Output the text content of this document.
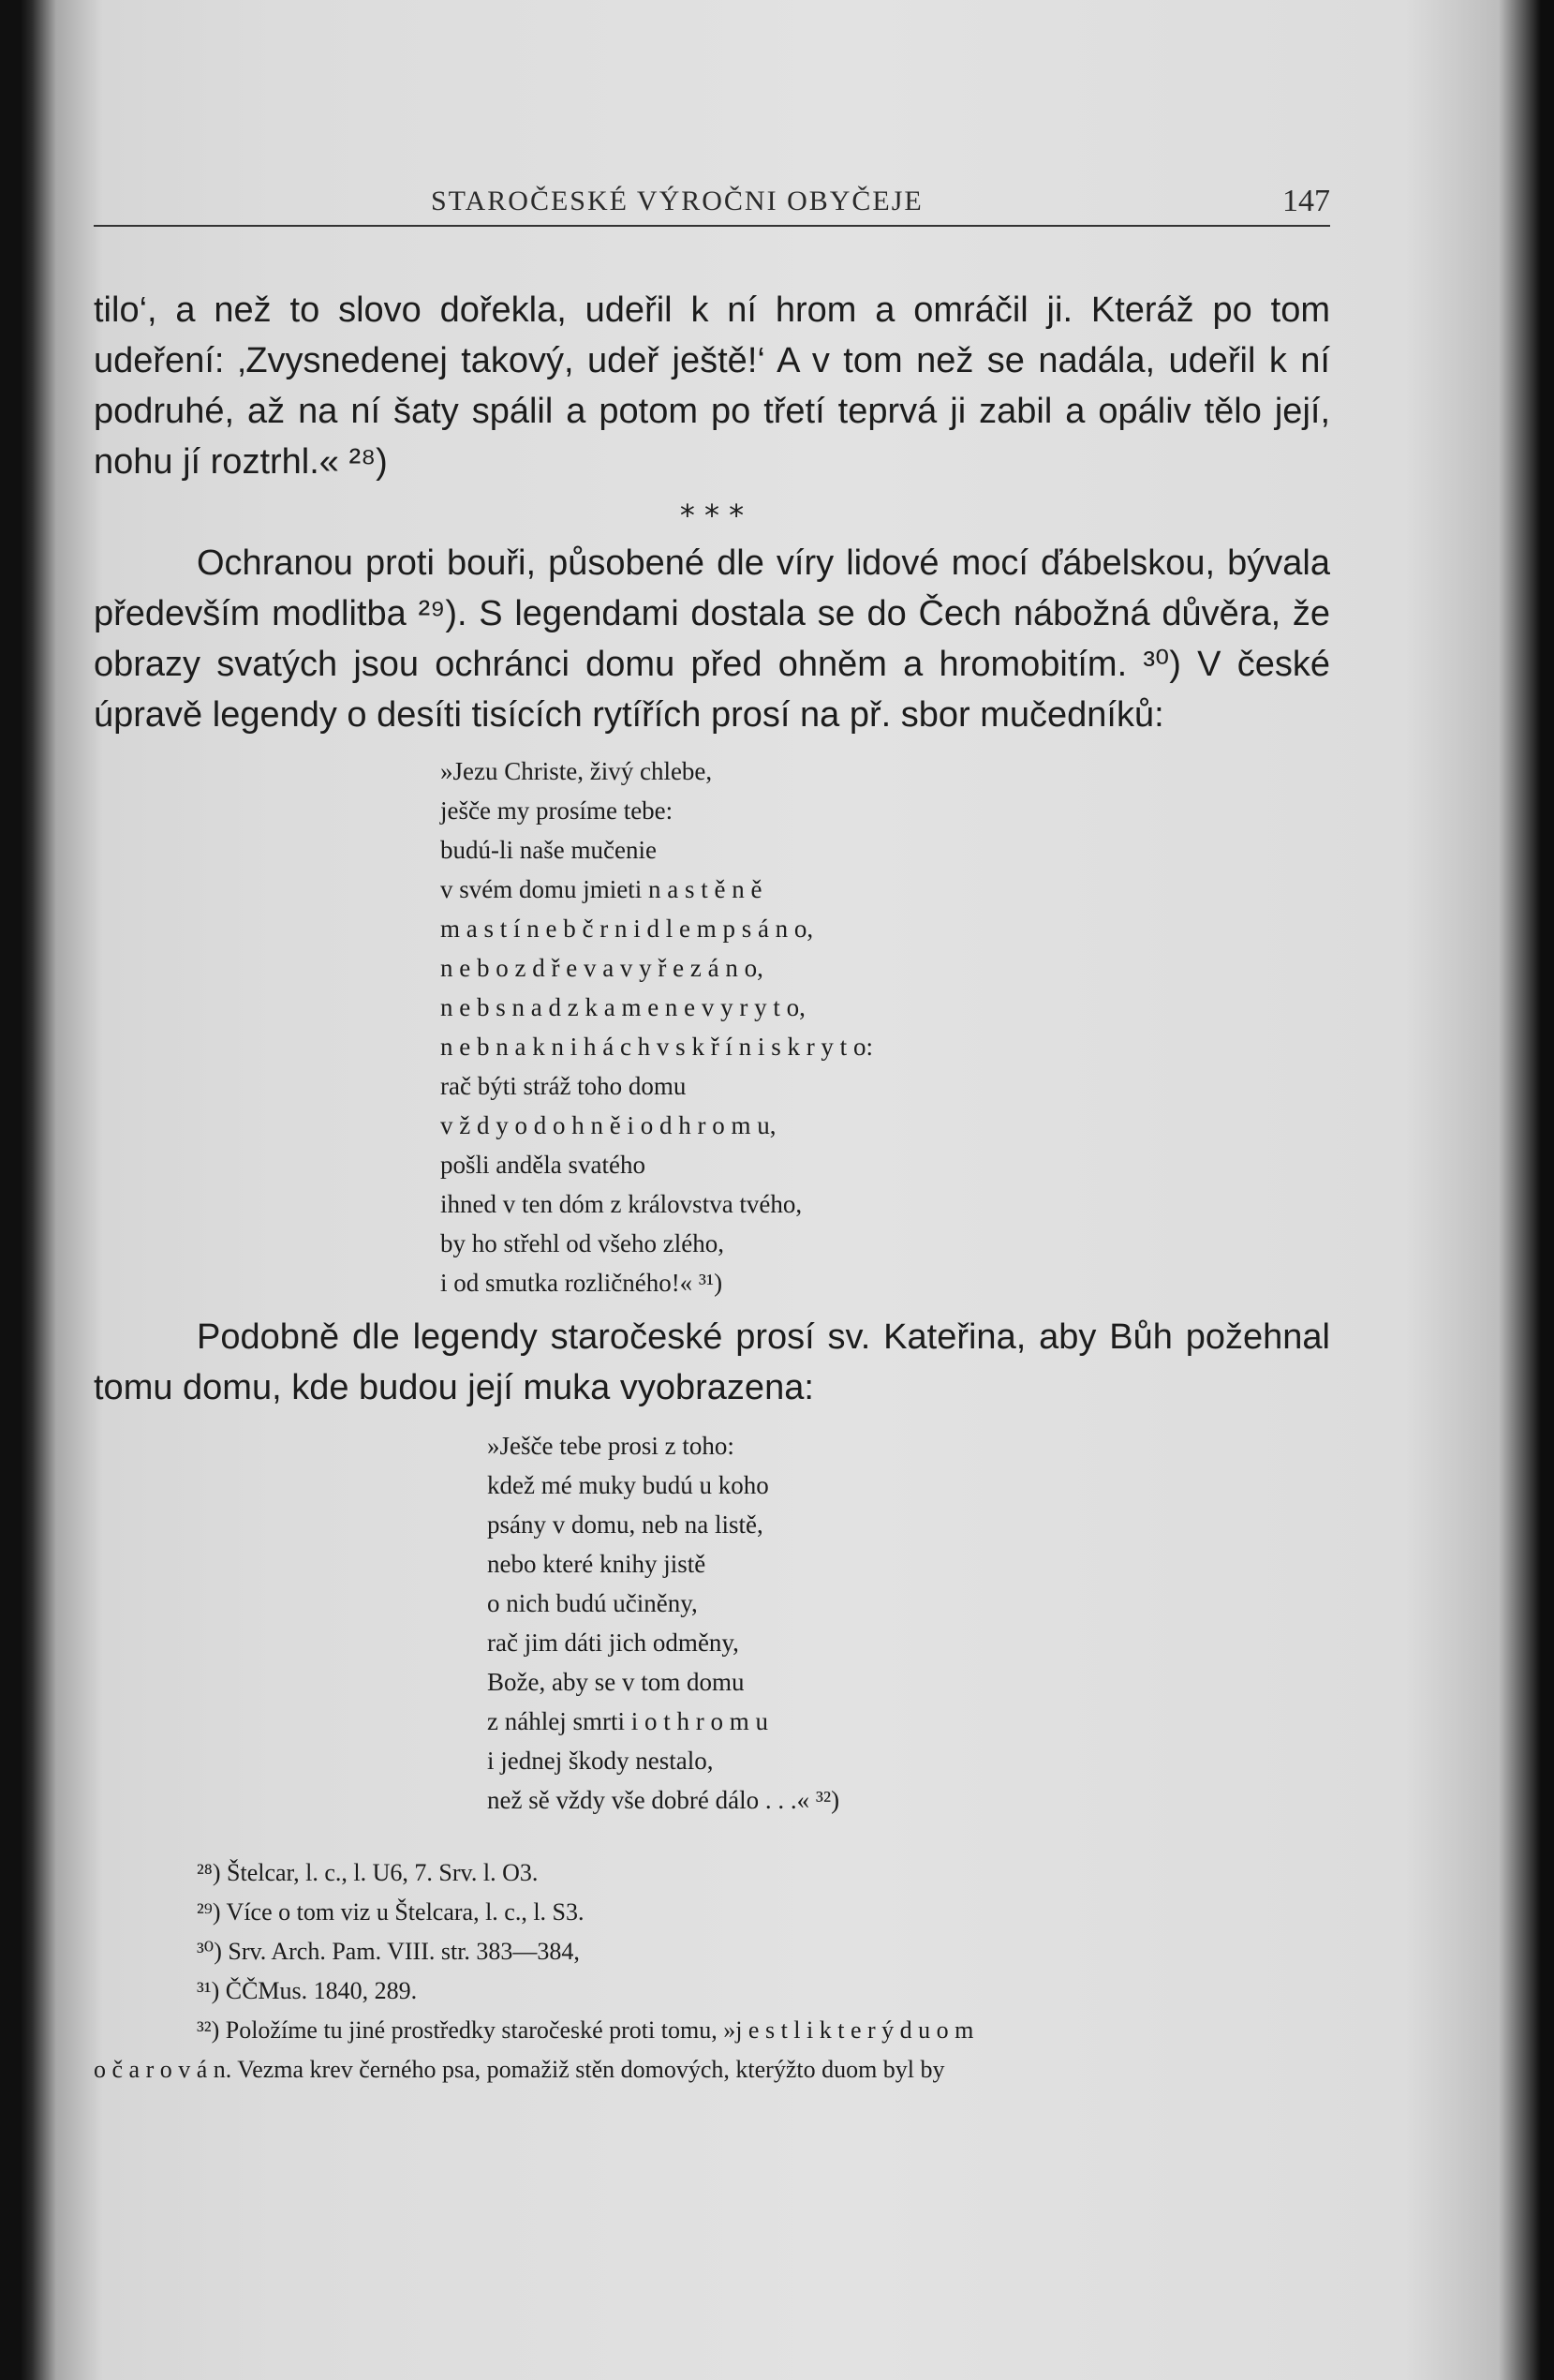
STAROČESKÉ VÝROČNI OBYČEJE	147
tilo‘, a než to slovo dořekla, udeřil k ní hrom a omráčil ji. Kteráž po tom udeření: ‚Zvysnedenej takový, udeř ještě!‘ A v tom než se nadála, udeřil k ní podruhé, až na ní šaty spálil a potom po třetí teprvá ji zabil a opáliv tělo její, nohu jí roztrhl.« ²⁸)
* * *
Ochranou proti bouři, působené dle víry lidové mocí ďábelskou, bývala především modlitba ²⁹). S legendami dostala se do Čech nábožná důvěra, že obrazy svatých jsou ochránci domu před ohněm a hromobitím. ³⁰) V české úpravě legendy o desíti tisících rytířích prosí na př. sbor mučedníků:
»Jezu Christe, živý chlebe,
ješče my prosíme tebe:
budú-li naše mučenie
v svém domu jmieti n a s t ě n ě
m a s t í n e b č r n i d l e m p s á n o,
n e b o z d ř e v a v y ř e z á n o,
n e b s n a d z k a m e n e v y r y t o,
n e b n a k n i h á c h v s k ř í n i s k r y t o:
rač býti stráž toho domu
v ž d y o d o h n ě i o d h r o m u,
pošli anděla svatého
ihned v ten dóm z královstva tvého,
by ho střehl od všeho zlého,
i od smutka rozličného!« ³¹)
Podobně dle legendy staročeské prosí sv. Kateřina, aby Bůh požehnal tomu domu, kde budou její muka vyobrazena:
»Ješče tebe prosi z toho:
kdež mé muky budú u koho
psány v domu, neb na listě,
nebo které knihy jistě
o nich budú učiněny,
rač jim dáti jich odměny,
Bože, aby se v tom domu
z náhlej smrti i o t h r o m u
i jednej škody nestalo,
než sě vždy vše dobré dálo . . .« ³²)
²⁸) Štelcar, l. c., l. U6, 7. Srv. l. O3.
²⁹) Více o tom viz u Štelcara, l. c., l. S3.
³⁰) Srv. Arch. Pam. VIII. str. 383—384,
³¹) ČČMus. 1840, 289.
³²) Položíme tu jiné prostředky staročeské proti tomu, »j e s t l i k t e r ý d u o m
o č a r o v á n. Vezma krev černého psa, pomažiž stěn domových, kterýžto duom byl by
